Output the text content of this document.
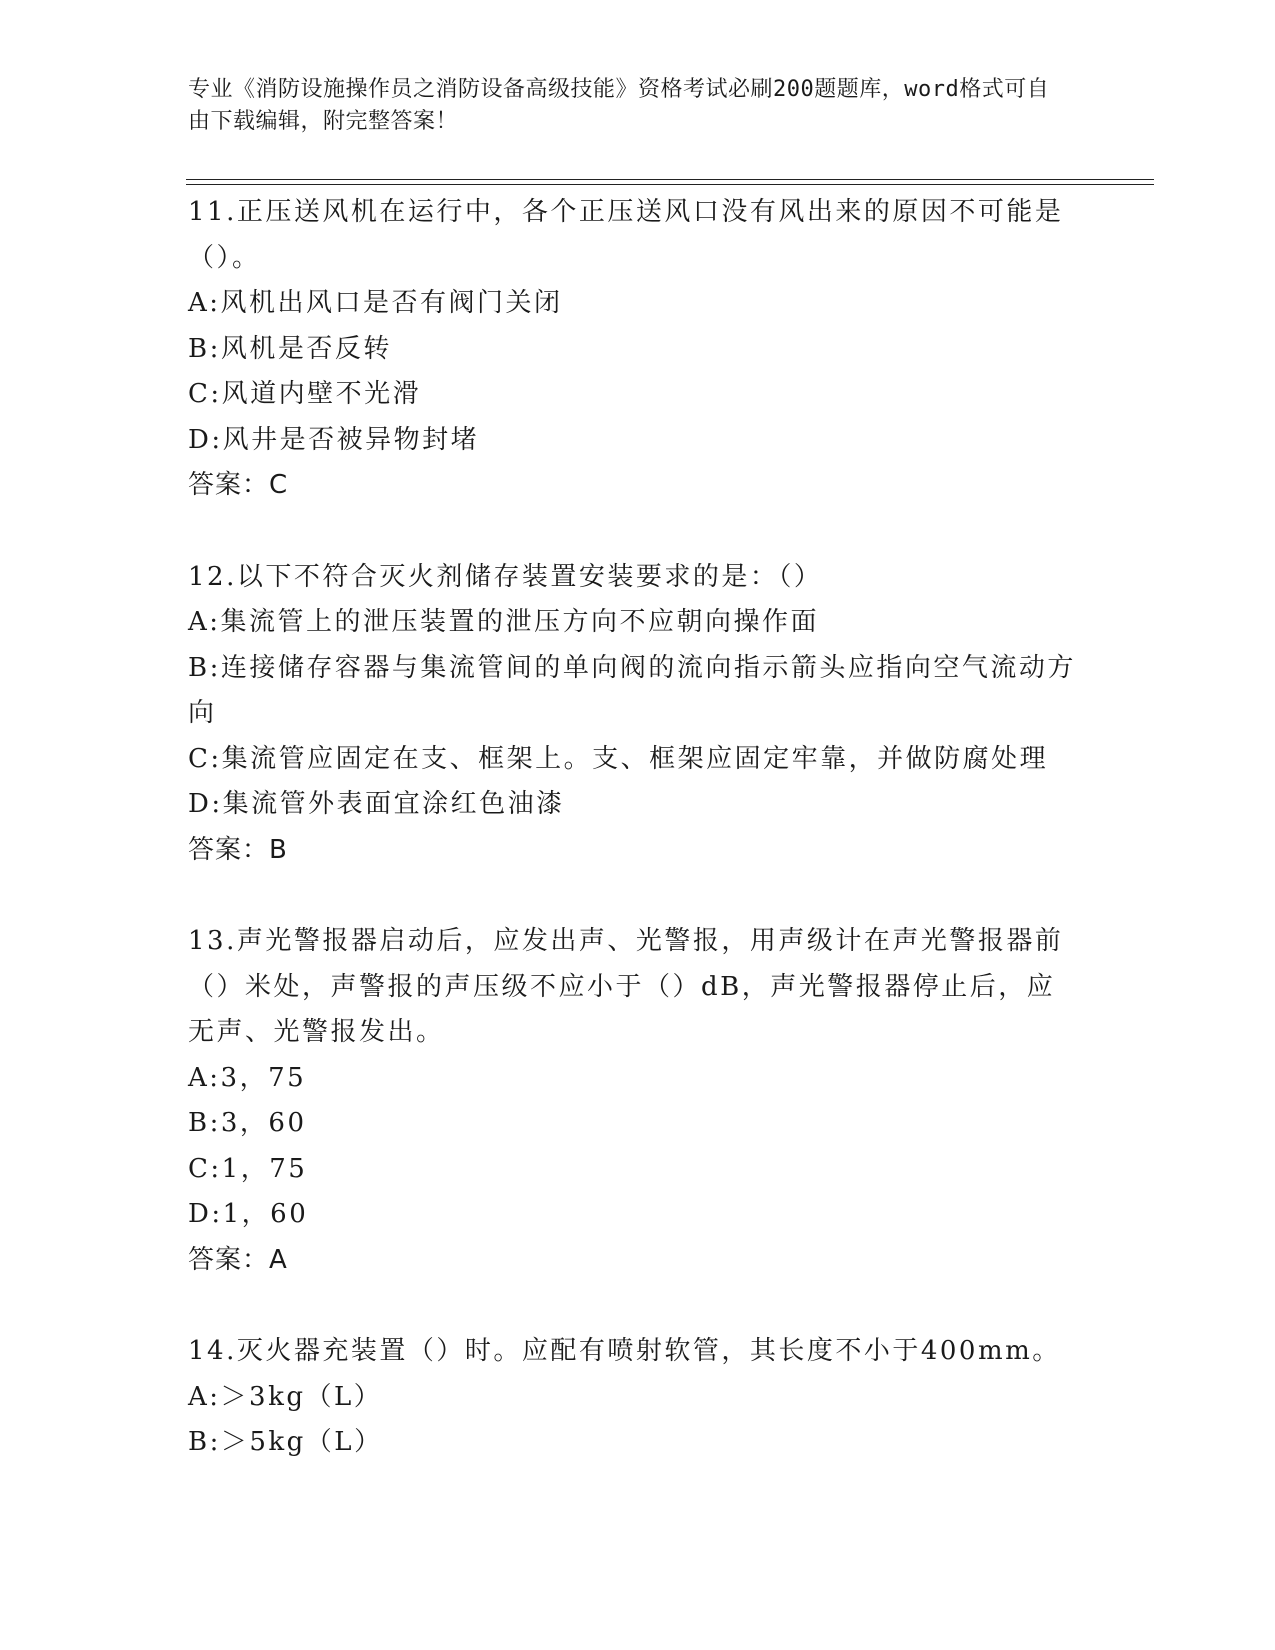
专业《消防设施操作员之消防设备高级技能》资格考试必刷200题题库，word格式可自由下载编辑，附完整答案！

11.正压送风机在运行中，各个正压送风口没有风出来的原因不可能是（）。

A:风机出风口是否有阀门关闭

B:风机是否反转

C:风道内壁不光滑

D:风井是否被异物封堵

答案：C

12.以下不符合灭火剂储存装置安装要求的是：（）

A:集流管上的泄压装置的泄压方向不应朝向操作面

B:连接储存容器与集流管间的单向阀的流向指示箭头应指向空气流动方向

C:集流管应固定在支、框架上。支、框架应固定牢靠，并做防腐处理

D:集流管外表面宜涂红色油漆

答案：B

13.声光警报器启动后，应发出声、光警报，用声级计在声光警报器前（）米处，声警报的声压级不应小于（）dB，声光警报器停止后，应无声、光警报发出。

A:3，75

B:3，60

C:1，75

D:1，60

答案：A

14.灭火器充装置（）时。应配有喷射软管，其长度不小于400mm。

A:＞3kg（L）

B:＞5kg（L）
